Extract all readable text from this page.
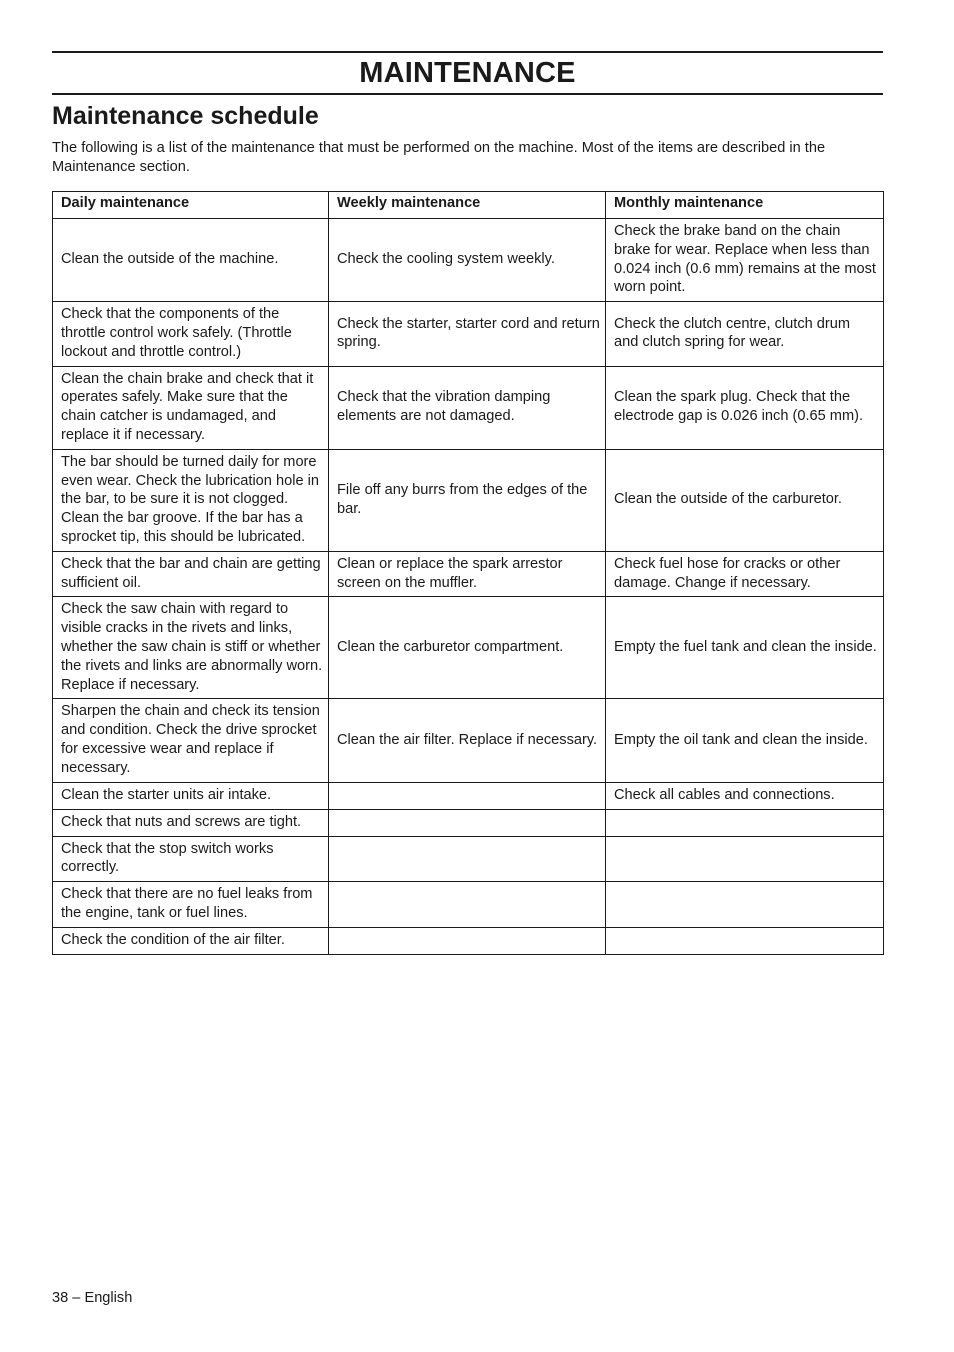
MAINTENANCE
Maintenance schedule

The following is a list of the maintenance that must be performed on the machine. Most of the items are described in the Maintenance section.

Daily maintenance	Weekly maintenance	Monthly maintenance
Clean the outside of the machine.	Check the cooling system weekly.	Check the brake band on the chain brake for wear. Replace when less than 0.024 inch (0.6 mm) remains at the most worn point.
Check that the components of the throttle control work safely. (Throttle lockout and throttle control.)	Check the starter, starter cord and return spring.	Check the clutch centre, clutch drum and clutch spring for wear.
Clean the chain brake and check that it operates safely. Make sure that the chain catcher is undamaged, and replace it if necessary.	Check that the vibration damping elements are not damaged.	Clean the spark plug. Check that the electrode gap is 0.026 inch (0.65 mm).
The bar should be turned daily for more even wear. Check the lubrication hole in the bar, to be sure it is not clogged. Clean the bar groove. If the bar has a sprocket tip, this should be lubricated.	File off any burrs from the edges of the bar.	Clean the outside of the carburetor.
Check that the bar and chain are getting sufficient oil.	Clean or replace the spark arrestor screen on the muffler.	Check fuel hose for cracks or other damage. Change if necessary.
Check the saw chain with regard to visible cracks in the rivets and links, whether the saw chain is stiff or whether the rivets and links are abnormally worn. Replace if necessary.	Clean the carburetor compartment.	Empty the fuel tank and clean the inside.
Sharpen the chain and check its tension and condition. Check the drive sprocket for excessive wear and replace if necessary.	Clean the air filter. Replace if necessary.	Empty the oil tank and clean the inside.
Clean the starter units air intake.		Check all cables and connections.
Check that nuts and screws are tight.		
Check that the stop switch works correctly.		
Check that there are no fuel leaks from the engine, tank or fuel lines.		
Check the condition of the air filter.		
38 – English
